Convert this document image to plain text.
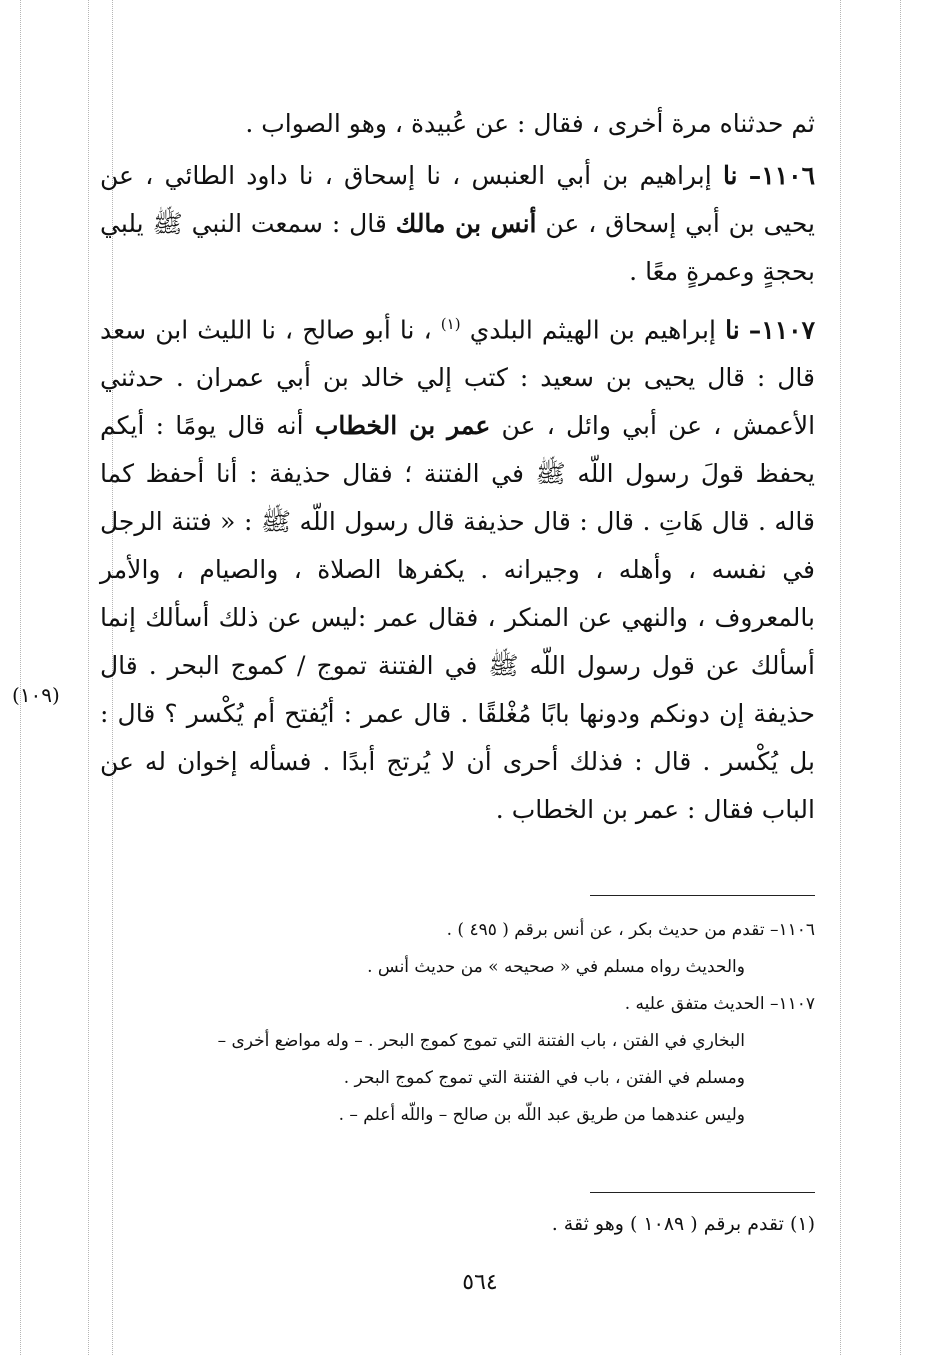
ثم حدثناه مرة أخرى ، فقال : عن عُبيدة ، وهو الصواب .

١١٠٦– نا إبراهيم بن أبي العنبس ، نا إسحاق ، نا داود الطائي ، عن يحيى بن أبي إسحاق ، عن أنس بن مالك قال : سمعت النبي ﷺ يلبي بحجةٍ وعمرةٍ معًا .

١١٠٧– نا إبراهيم بن الهيثم البلدي $^{(١)}$ ، نا أبو صالح ، نا الليث ابن سعد قال : قال يحيى بن سعيد : كتب إلي خالد بن أبي عمران . حدثني الأعمش ، عن أبي وائل ، عن عمر بن الخطاب أنه قال يومًا : أيكم يحفظ قولَ رسول اللّه ﷺ في الفتنة ؛ فقال حذيفة : أنا أحفظ كما قاله . قال هَاتِ . قال : قال حذيفة قال رسول اللّه ﷺ : « فتنة الرجل في نفسه ، وأهله ، وجيرانه . يكفرها الصلاة ، والصيام ، والأمر بالمعروف ، والنهي عن المنكر ، فقال عمر :ليس عن ذلك أسألك إنما أسألك عن قول رسول اللّه ﷺ في الفتنة تموج / كموج البحر . قال حذيفة إن دونكم ودونها بابًا مُغْلقًا . قال عمر : أيُفتح أم يُكْسر ؟ قال : بل يُكْسر . قال : فذلك أحرى أن لا يُرتج أبدًا . فسأله إخوان له عن الباب فقال : عمر بن الخطاب .

(١٠٩)

١١٠٦– تقدم من حديث بكر ، عن أنس برقم ( ٤٩٥ ) .

والحديث رواه مسلم في « صحيحه » من حديث أنس .

١١٠٧– الحديث متفق عليه .

البخاري في الفتن ، باب الفتنة التي تموج كموج البحر . – وله مواضع أخرى –

ومسلم في الفتن ، باب في الفتنة التي تموج كموج البحر .

وليس عندهما من طريق عبد اللّه بن صالح – واللّه أعلم – .

(١) تقدم برقم ( ١٠٨٩ ) وهو ثقة .
٥٦٤
